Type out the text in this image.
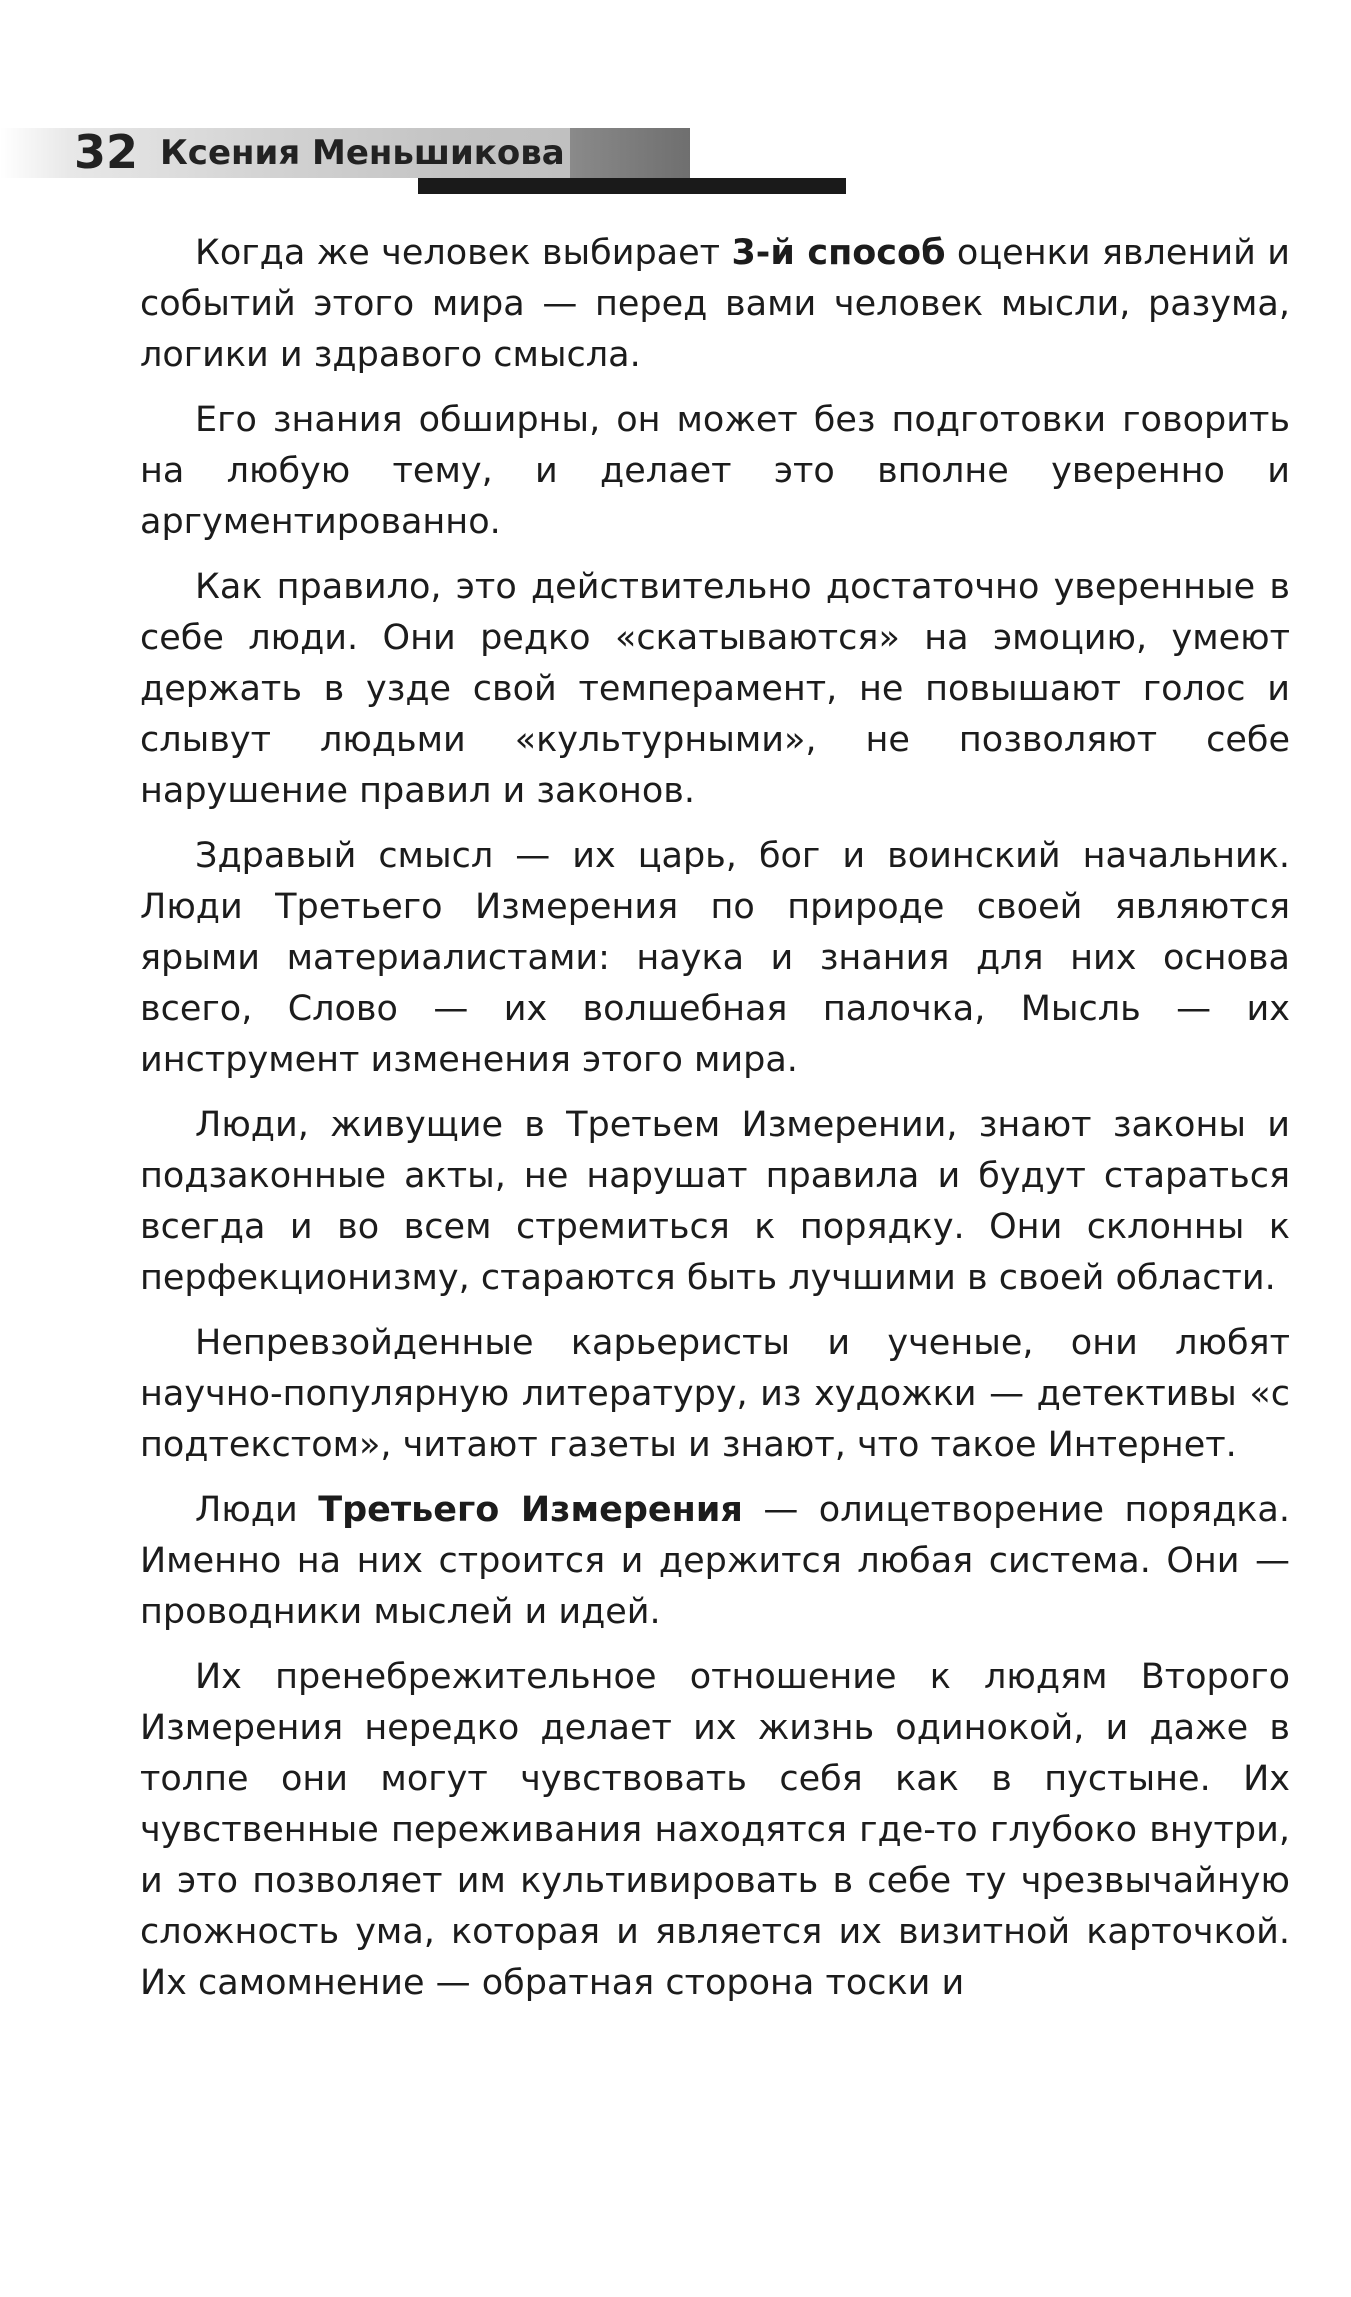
32 Ксения Меньшикова

Когда же человек выбирает 3-й способ оценки явлений и событий этого мира — перед вами человек мысли, разума, логики и здравого смысла.

Его знания обширны, он может без подготовки говорить на любую тему, и делает это вполне уверенно и аргументированно.

Как правило, это действительно достаточно уверенные в себе люди. Они редко «скатываются» на эмоцию, умеют держать в узде свой темперамент, не повышают голос и слывут людьми «культурными», не позволяют себе нарушение правил и законов.

Здравый смысл — их царь, бог и воинский начальник. Люди Третьего Измерения по природе своей являются ярыми материалистами: наука и знания для них основа всего, Слово — их волшебная палочка, Мысль — их инструмент изменения этого мира.

Люди, живущие в Третьем Измерении, знают законы и подзаконные акты, не нарушат правила и будут стараться всегда и во всем стремиться к порядку. Они склонны к перфекционизму, стараются быть лучшими в своей области.

Непревзойденные карьеристы и ученые, они любят научно-популярную литературу, из художки — детективы «с подтекстом», читают газеты и знают, что такое Интернет.

Люди Третьего Измерения — олицетворение порядка. Именно на них строится и держится любая система. Они — проводники мыслей и идей.

Их пренебрежительное отношение к людям Второго Измерения нередко делает их жизнь одинокой, и даже в толпе они могут чувствовать себя как в пустыне. Их чувственные переживания находятся где-то глубоко внутри, и это позволяет им культивировать в себе ту чрезвычайную сложность ума, которая и является их визитной карточкой. Их самомнение — обратная сторона тоски и
